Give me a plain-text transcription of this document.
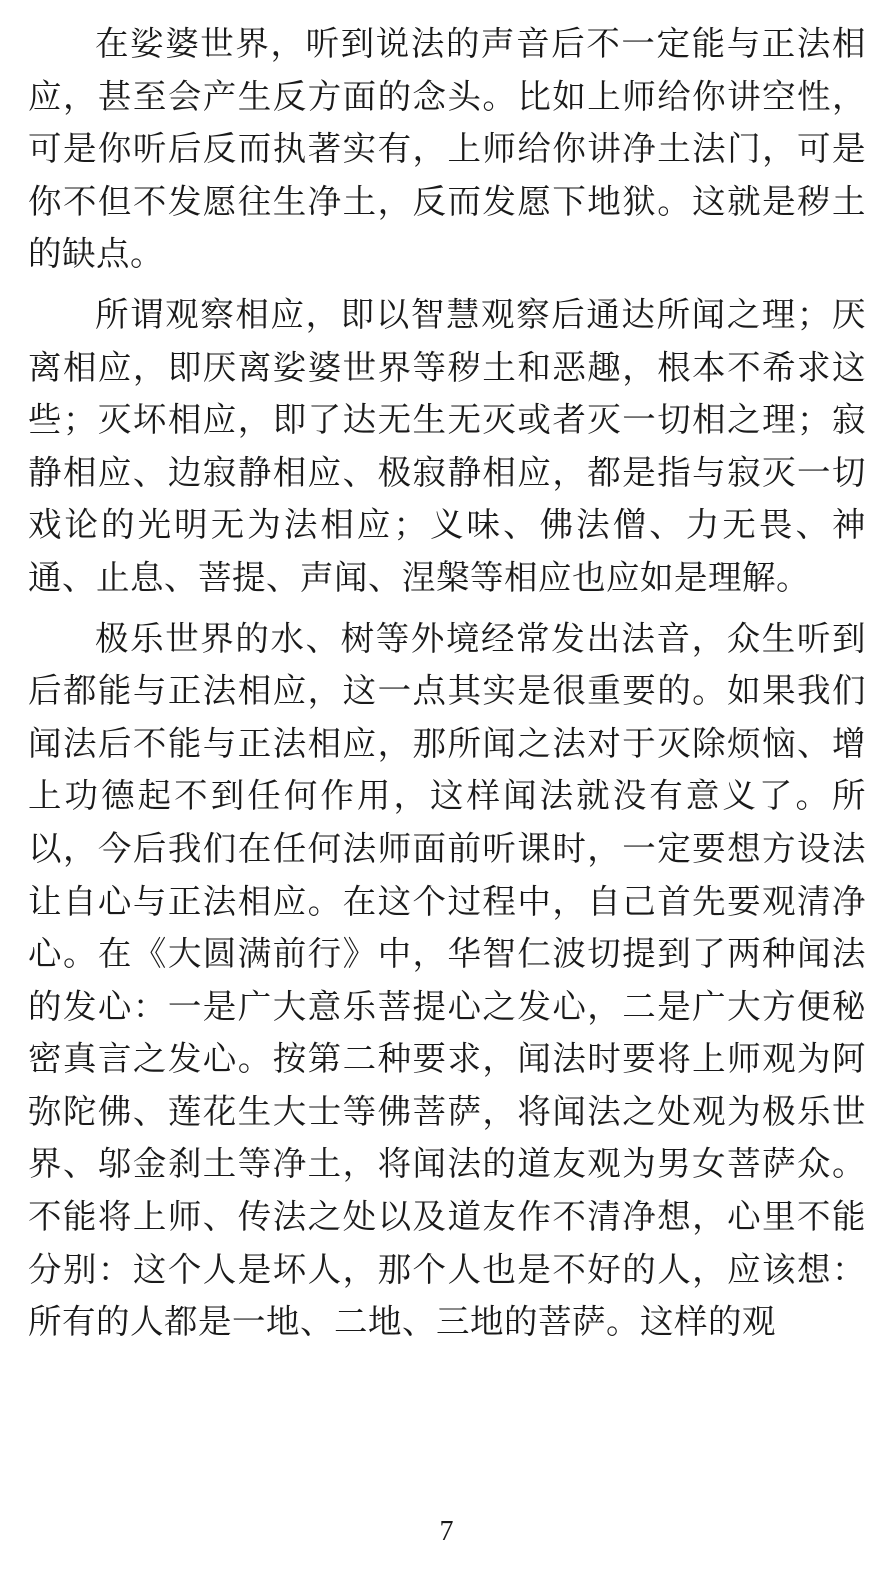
在娑婆世界，听到说法的声音后不一定能与正法相应，甚至会产生反方面的念头。比如上师给你讲空性，可是你听后反而执著实有，上师给你讲净土法门，可是你不但不发愿往生净土，反而发愿下地狱。这就是秽土的缺点。

所谓观察相应，即以智慧观察后通达所闻之理；厌离相应，即厌离娑婆世界等秽土和恶趣，根本不希求这些；灭坏相应，即了达无生无灭或者灭一切相之理；寂静相应、边寂静相应、极寂静相应，都是指与寂灭一切戏论的光明无为法相应；义味、佛法僧、力无畏、神通、止息、菩提、声闻、涅槃等相应也应如是理解。

极乐世界的水、树等外境经常发出法音，众生听到后都能与正法相应，这一点其实是很重要的。如果我们闻法后不能与正法相应，那所闻之法对于灭除烦恼、增上功德起不到任何作用，这样闻法就没有意义了。所以，今后我们在任何法师面前听课时，一定要想方设法让自心与正法相应。在这个过程中，自己首先要观清净心。在《大圆满前行》中，华智仁波切提到了两种闻法的发心：一是广大意乐菩提心之发心，二是广大方便秘密真言之发心。按第二种要求，闻法时要将上师观为阿弥陀佛、莲花生大士等佛菩萨，将闻法之处观为极乐世界、邬金刹土等净土，将闻法的道友观为男女菩萨众。不能将上师、传法之处以及道友作不清净想，心里不能分别：这个人是坏人，那个人也是不好的人，应该想：所有的人都是一地、二地、三地的菩萨。这样的观

7
